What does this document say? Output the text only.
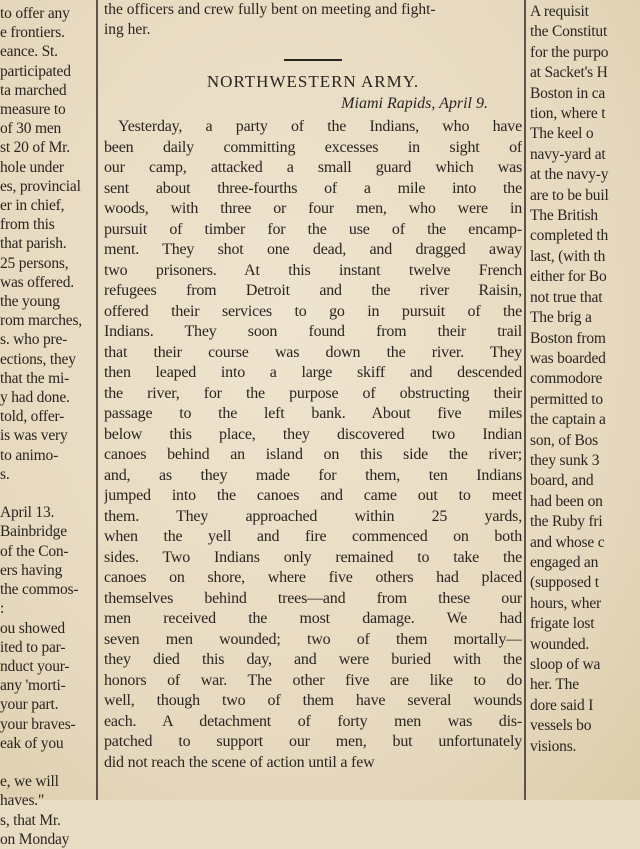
to offer any
e frontiers.
eance. St.
participated
ta marched
measure to
of 30 men
st 20 of Mr.
hole under
es, provincial
er in chief,
from this
that parish.
25 persons,
was offered.
the young
rom marches,
s. who pre-
ections, they
that the mi-
y had done.
told, offer-
is was very
to animo-
s.

April 13.
Bainbridge
of the Con-
ers having
the commos-
:
ou showed
ited to par-
nduct your-
any 'morti-
your part.
your braves-
eak of you

e, we will
haves."
s, that Mr.
on Monday
the officers and crew fully bent on meeting and fight-
ing her.
NORTHWESTERN ARMY.
Miami Rapids, April 9.
Yesterday, a party of the Indians, who have
been daily committing excesses in sight of
our camp, attacked a small guard which was
sent about three-fourths of a mile into the
woods, with three or four men, who were in
pursuit of timber for the use of the encamp-
ment. They shot one dead, and dragged away
two prisoners. At this instant twelve French
refugees from Detroit and the river Raisin,
offered their services to go in pursuit of the
Indians. They soon found from their trail
that their course was down the river. They
then leaped into a large skiff and descended
the river, for the purpose of obstructing their
passage to the left bank. About five miles
below this place, they discovered two Indian
canoes behind an island on this side the river;
and, as they made for them, ten Indians
jumped into the canoes and came out to meet
them. They approached within 25 yards,
when the yell and fire commenced on both
sides. Two Indians only remained to take the
canoes on shore, where five others had placed
themselves behind trees—and from these our
men received the most damage. We had
seven men wounded; two of them mortally—
they died this day, and were buried with the
honors of war. The other five are like to do
well, though two of them have several wounds
each. A detachment of forty men was dis-
patched to support our men, but unfortunately
did not reach the scene of action until a few
A requisit
the Constitut
for the purpo
at Sacket's H
Boston in ca
tion, where t
The keel o
navy-yard at
at the navy-y
are to be buil
The British
completed th
last, (with th
either for Bo
not true that
The brig a
Boston from
was boarded
commodore
permitted to
the captain a
son, of Bos
they sunk 3
board, and
had been on
the Ruby fri
and whose c
engaged an
(supposed t
hours, wher
frigate lost
wounded.
sloop of wa
her. The
dore said I
vessels bo
visions.
